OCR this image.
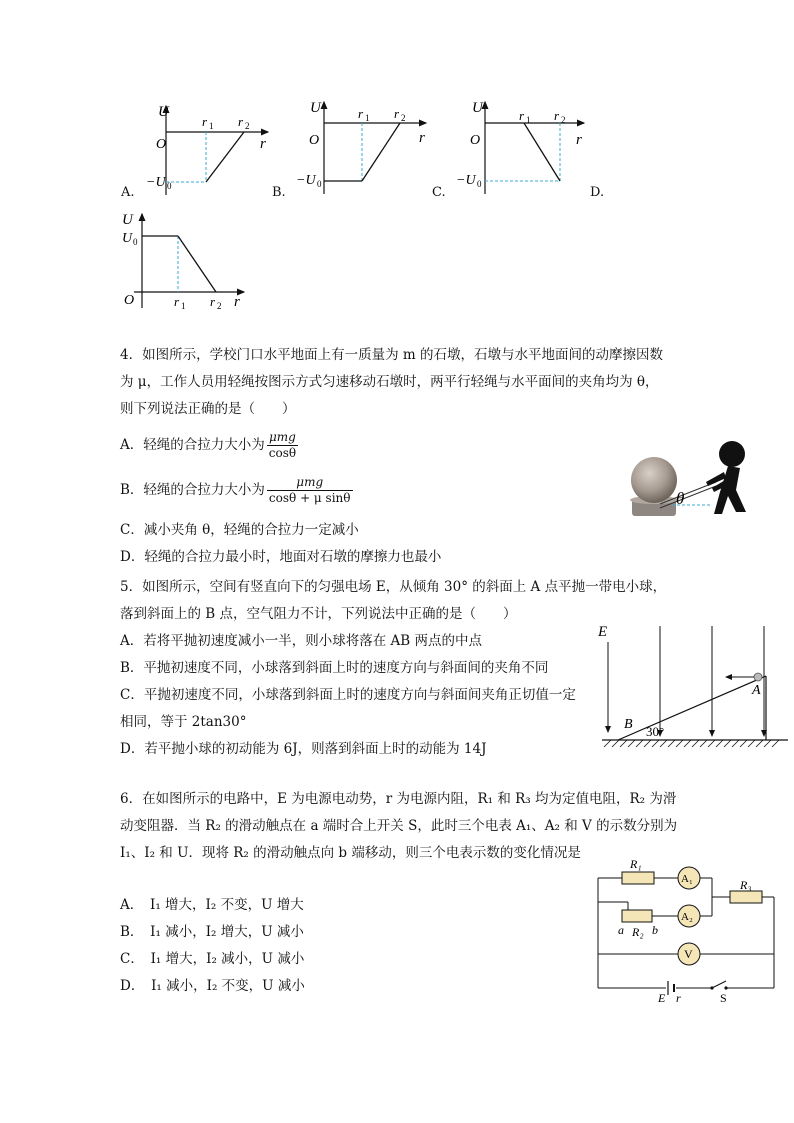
U
r
O
r 1 r 2
−U 0
A.
U
r
O
r 1 r 2
−U 0
B.
U
r
O
r 1 r 2
−U 0
C.	D.
U
r
O
U 0
r 1 r 2
4．如图所示，学校门口水平地面上有一质量为 m 的石墩，石墩与水平地面间的动摩擦因数
为 μ，工作人员用轻绳按图示方式匀速移动石墩时，两平行轻绳与水平面间的夹角均为 θ，
则下列说法正确的是（　　）
A．轻绳的合拉力大小为 $\frac{\text{μmg}}{\cos\theta}$
B．轻绳的合拉力大小为 $\frac{\text{μmg}}{\text{cosθ + μ sinθ}}$
C．减小夹角 θ，轻绳的合拉力一定减小
D．轻绳的合拉力最小时，地面对石墩的摩擦力也最小
θ
5．如图所示，空间有竖直向下的匀强电场 E，从倾角 30° 的斜面上 A 点平抛一带电小球，
落到斜面上的 B 点，空气阻力不计，下列说法中正确的是（　　）
A．若将平抛初速度减小一半，则小球将落在 AB 两点的中点
B．平抛初速度不同，小球落到斜面上时的速度方向与斜面间的夹角不同
C．平抛初速度不同，小球落到斜面上时的速度方向与斜面间夹角正切值一定
相同，等于 2tan30°
D．若平抛小球的初动能为 6J，则落到斜面上时的动能为 14J
E
A
B 30°
6．在如图所示的电路中，E 为电源电动势，r 为电源内阻，R₁ 和 R₃ 均为定值电阻，R₂ 为滑
动变阻器．当 R₂ 的滑动触点在 a 端时合上开关 S，此时三个电表 A₁、A₂ 和 V 的示数分别为
I₁、I₂ 和 U．现将 R₂ 的滑动触点向 b 端移动，则三个电表示数的变化情况是
A．　I₁ 增大，I₂ 不变，U 增大
B．　I₁ 减小，I₂ 增大，U 减小
C．　I₁ 增大，I₂ 减小，U 减小
D．　I₁ 减小，I₂ 不变，U 减小
R₁
R₃
A₁
A₂
V
a R₂ b
E r	S
